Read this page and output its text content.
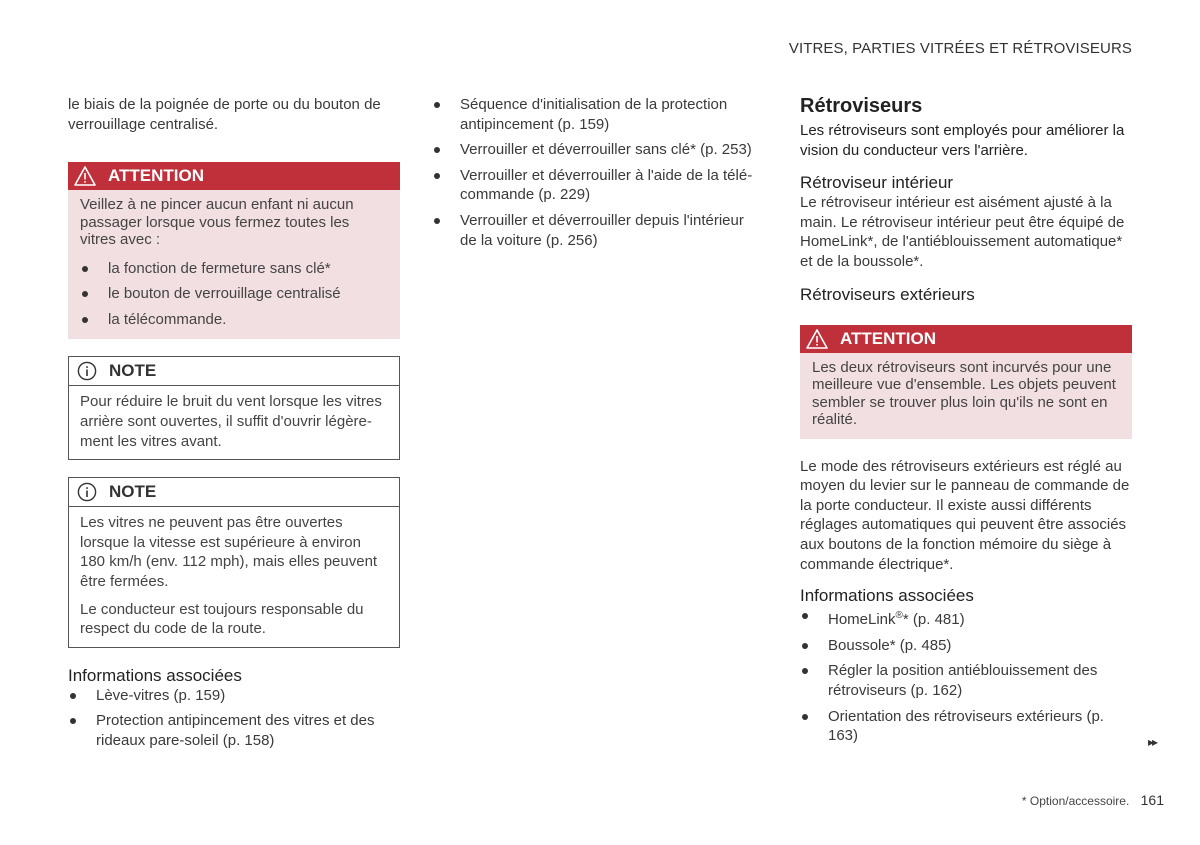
VITRES, PARTIES VITRÉES ET RÉTROVISEURS

le biais de la poignée de porte ou du bouton de verrouillage centralisé.

ATTENTION

Veillez à ne pincer aucun enfant ni aucun passager lorsque vous fermez toutes les vitres avec :

la fonction de fermeture sans clé*
le bouton de verrouillage centralisé
la télécommande.
NOTE

Pour réduire le bruit du vent lorsque les vitres arrière sont ouvertes, il suffit d'ouvrir légère-ment les vitres avant.

NOTE

Les vitres ne peuvent pas être ouvertes lorsque la vitesse est supérieure à environ 180 km/h (env. 112 mph), mais elles peuvent être fermées.

Le conducteur est toujours responsable du respect du code de la route.

Informations associées
Lève-vitres (p. 159)
Protection antipincement des vitres et des rideaux pare-soleil (p. 158)
Séquence d'initialisation de la protection antipincement (p. 159)
Verrouiller et déverrouiller sans clé* (p. 253)
Verrouiller et déverrouiller à l'aide de la télé-commande (p. 229)
Verrouiller et déverrouiller depuis l'intérieur de la voiture (p. 256)
Rétroviseurs

Les rétroviseurs sont employés pour améliorer la vision du conducteur vers l'arrière.

Rétroviseur intérieur

Le rétroviseur intérieur est aisément ajusté à la main. Le rétroviseur intérieur peut être équipé de HomeLink*, de l'antiéblouissement automatique* et de la boussole*.

Rétroviseurs extérieurs
ATTENTION

Les deux rétroviseurs sont incurvés pour une meilleure vue d'ensemble. Les objets peuvent sembler se trouver plus loin qu'ils ne sont en réalité.

Le mode des rétroviseurs extérieurs est réglé au moyen du levier sur le panneau de commande de la porte conducteur. Il existe aussi différents réglages automatiques qui peuvent être associés aux boutons de la fonction mémoire du siège à commande électrique*.

Informations associées
HomeLink®* (p. 481)
Boussole* (p. 485)
Régler la position antiéblouissement des rétroviseurs (p. 162)
Orientation des rétroviseurs extérieurs (p. 163)	▸▸
* Option/accessoire. 161
